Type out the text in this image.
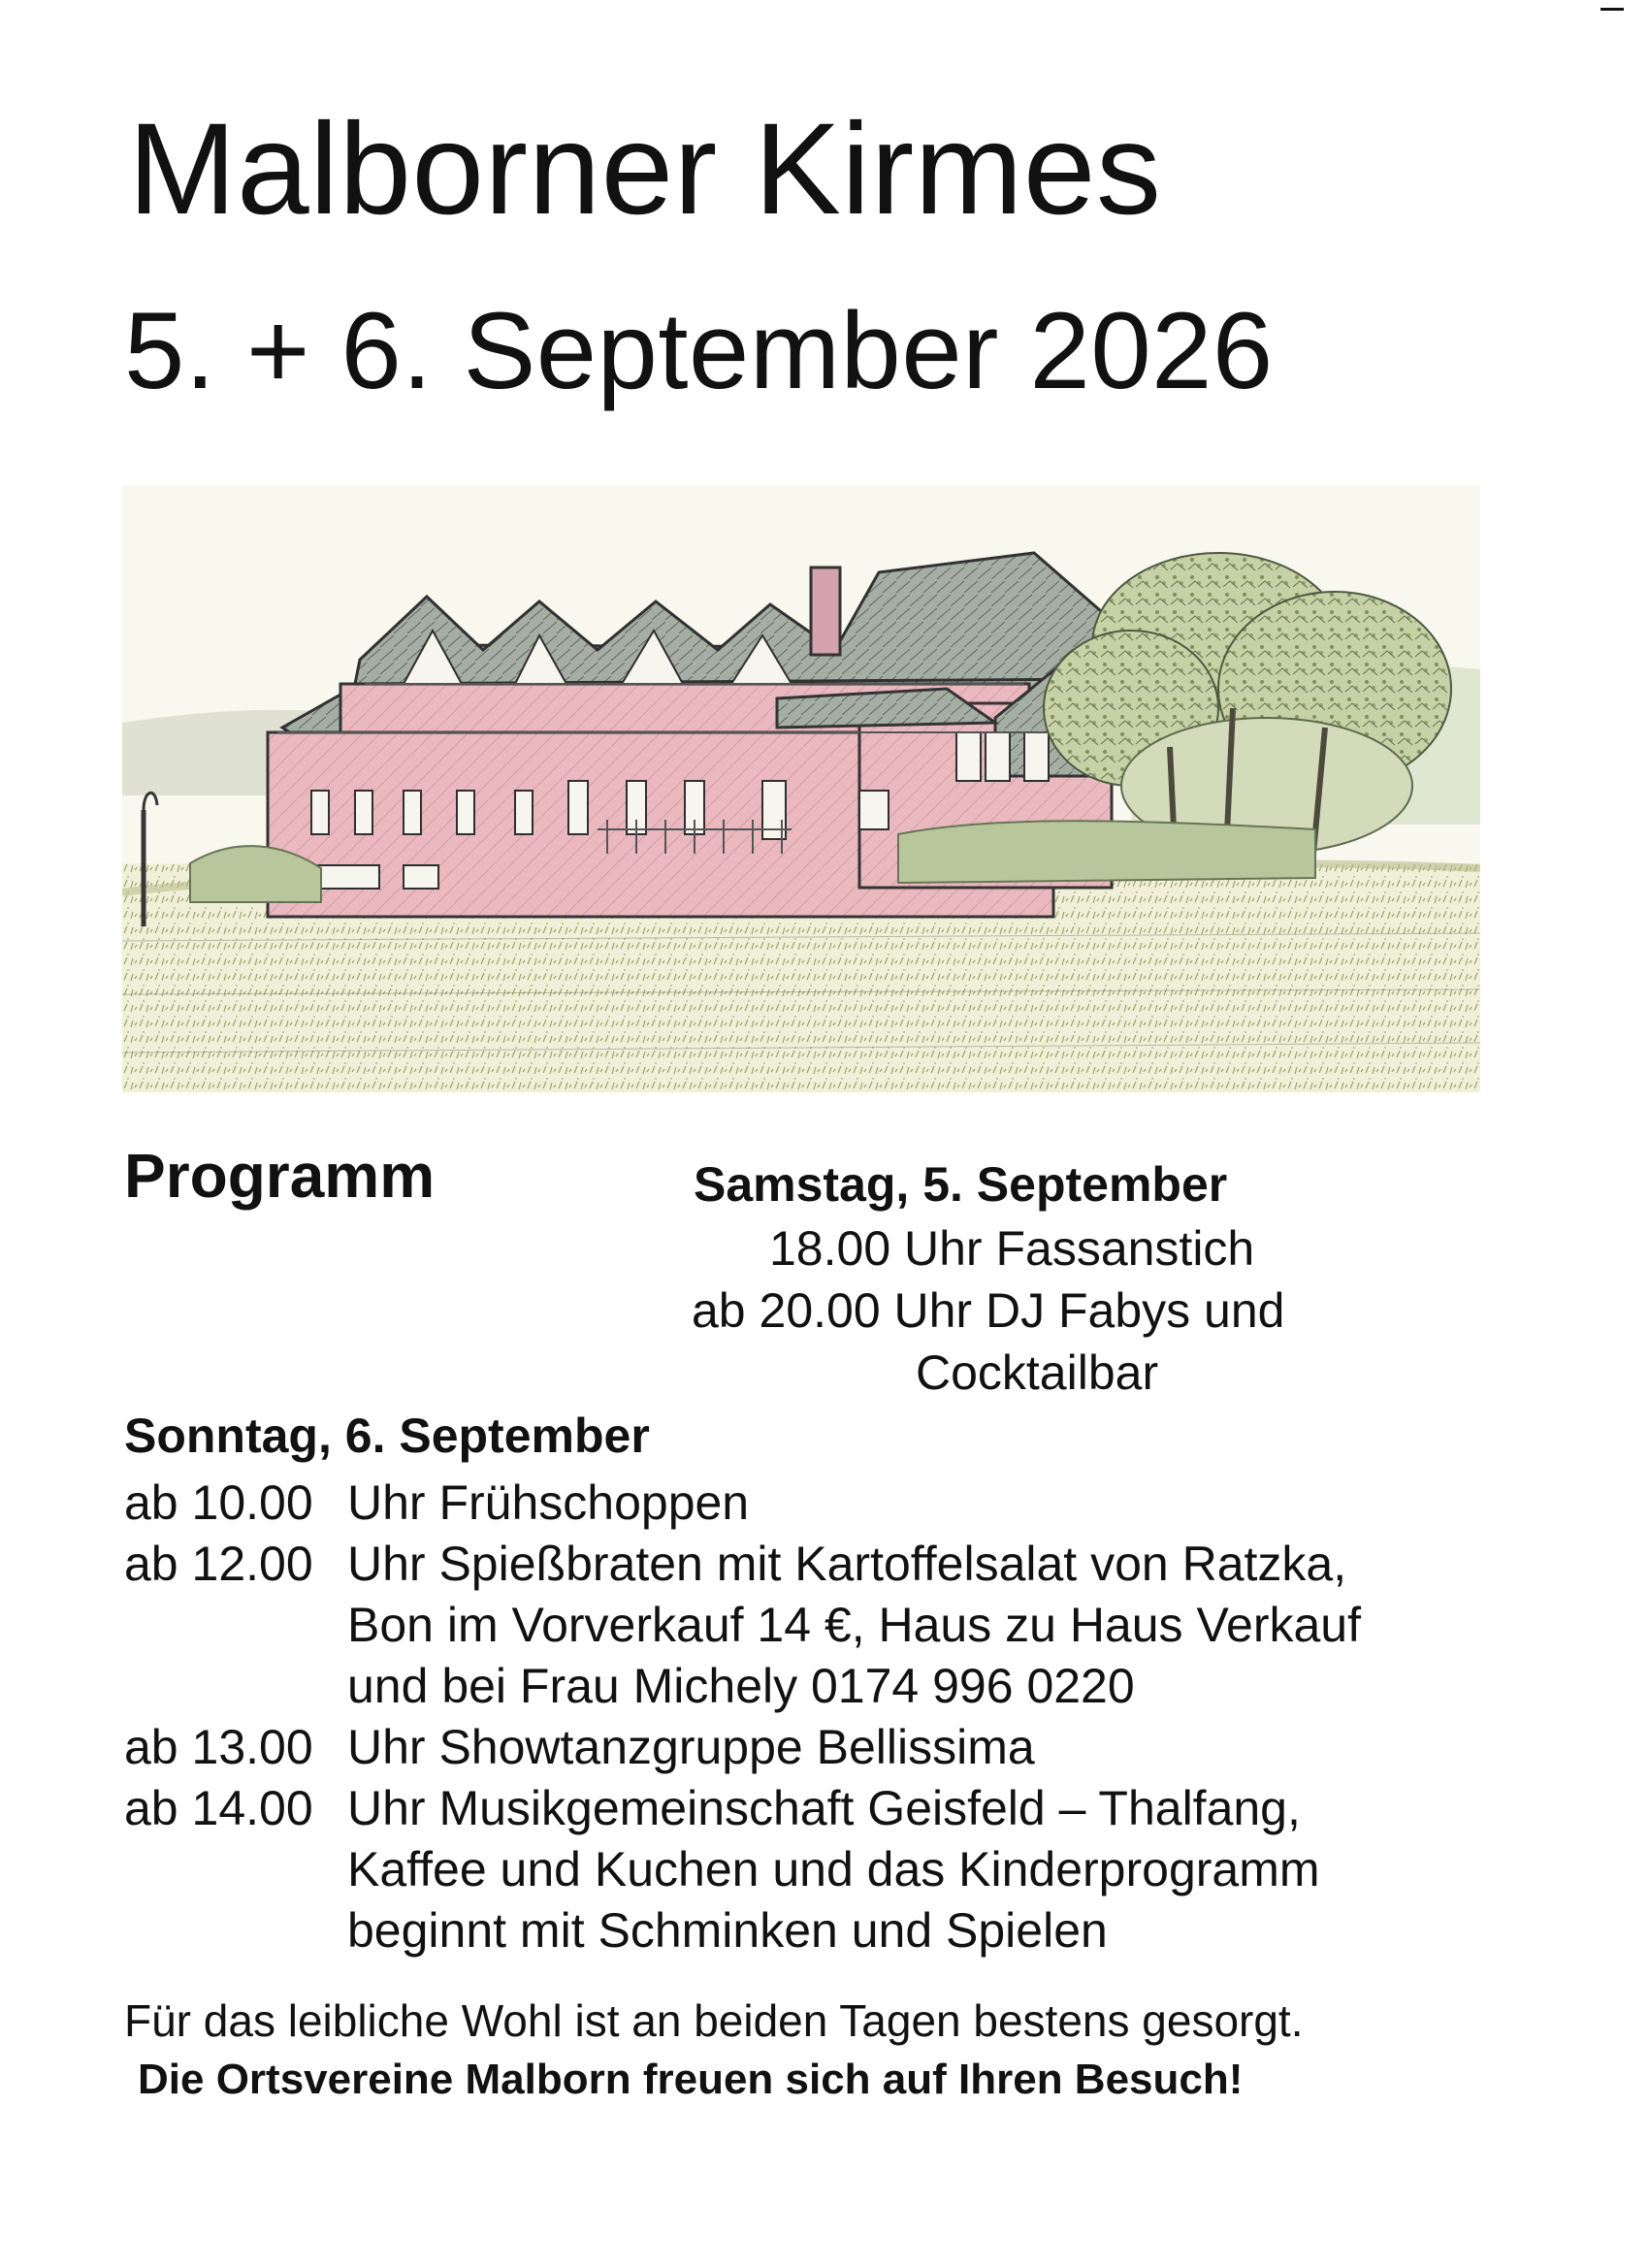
Malborner Kirmes
5. + 6. September 2026
Programm	Samstag, 5. September
18.00 Uhr Fassanstich
ab 20.00 Uhr DJ Fabys und
Cocktailbar
Sonntag, 6. September
ab 10.00 Uhr Frühschoppen
ab 12.00 Uhr Spießbraten mit Kartoffelsalat von Ratzka,
Bon im Vorverkauf 14 €, Haus zu Haus Verkauf
und bei Frau Michely 0174 996 0220
ab 13.00 Uhr Showtanzgruppe Bellissima
ab 14.00 Uhr Musikgemeinschaft Geisfeld – Thalfang,
Kaffee und Kuchen und das Kinderprogramm
beginnt mit Schminken und Spielen
Für das leibliche Wohl ist an beiden Tagen bestens gesorgt.
Die Ortsvereine Malborn freuen sich auf Ihren Besuch!
